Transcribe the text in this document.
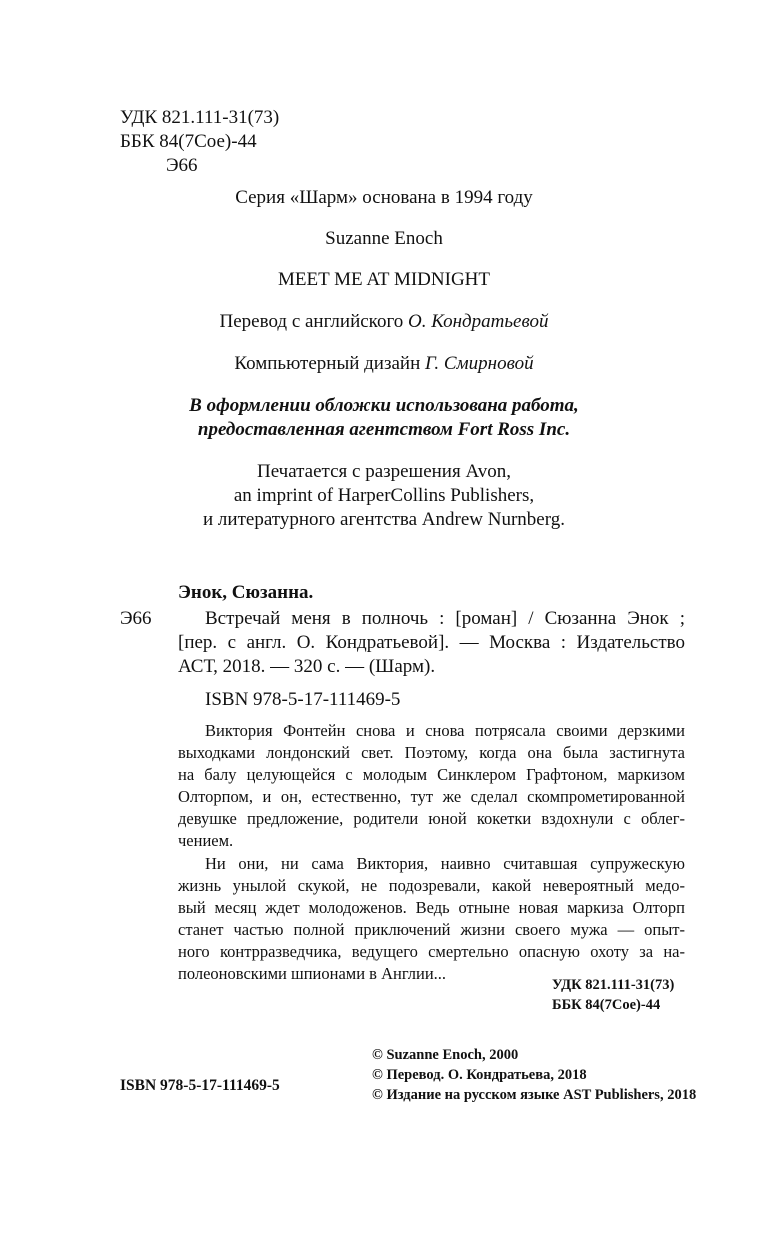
УДК 821.111-31(73)
ББК 84(7Сое)-44
Э66
Серия «Шарм» основана в 1994 году
Suzanne Enoch
MEET ME AT MIDNIGHT
Перевод с английского О. Кондратьевой
Компьютерный дизайн Г. Смирновой
В оформлении обложки использована работа,
предоставленная агентством Fort Ross Inc.
Печатается с разрешения Avon,
an imprint of HarperCollins Publishers,
и литературного агентства Andrew Nurnberg.
Энок, Сюзанна.
Э66	Встречай меня в полночь : [роман] / Сюзанна Энок ;
[пер. с англ. О. Кондратьевой]. — Москва : Издательство
АСТ, 2018. — 320 с. — (Шарм).
ISBN 978-5-17-111469-5
Виктория Фонтейн снова и снова потрясала своими дерзкими
выходками лондонский свет. Поэтому, когда она была застигнута
на балу целующейся с молодым Синклером Графтоном, маркизом
Олторпом, и он, естественно, тут же сделал скомпрометированной
девушке предложение, родители юной кокетки вздохнули с облег-
чением.
Ни они, ни сама Виктория, наивно считавшая супружескую
жизнь унылой скукой, не подозревали, какой невероятный медо-
вый месяц ждет молодоженов. Ведь отныне новая маркиза Олторп
станет частью полной приключений жизни своего мужа — опыт-
ного контрразведчика, ведущего смертельно опасную охоту за на-
полеоновскими шпионами в Англии...
УДК 821.111-31(73)
ББК 84(7Сое)-44
© Suzanne Enoch, 2000
© Перевод. О. Кондратьева, 2018
© Издание на русском языке AST Publishers, 2018
ISBN 978-5-17-111469-5
